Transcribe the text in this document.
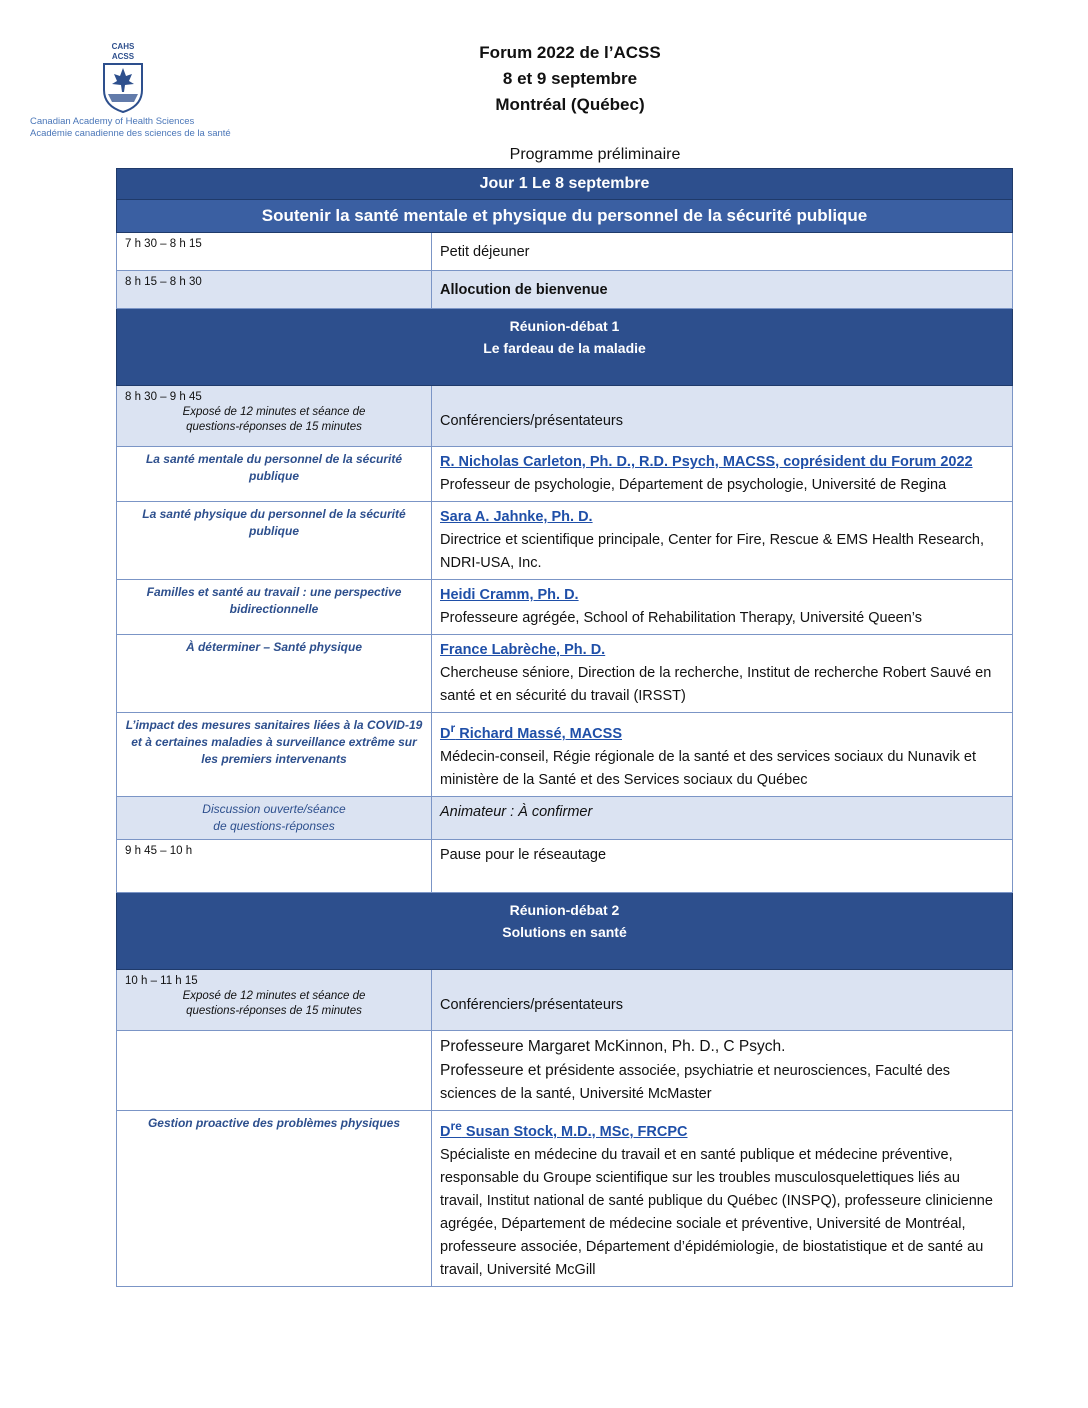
CAHS
ACSS
Canadian Academy of Health Sciences
Académie canadienne des sciences de la santé
Forum 2022 de l’ACSS
8 et 9 septembre
Montréal (Québec)
Programme préliminaire
Jour 1 Le 8 septembre	
Soutenir la santé mentale et physique du personnel de la sécurité publique	
7 h 30 – 8 h 15	Petit déjeuner
8 h 15 – 8 h 30	Allocution de bienvenue

Réunion-débat 1
Le fardeau de la maladie	

8 h 30 – 9 h 45
Exposé de 12 minutes et séance de
questions-réponses de 15 minutes	Conférenciers/présentateurs
La santé mentale du personnel de la sécurité publique	R. Nicholas Carleton, Ph. D., R.D. Psych, MACSS, coprésident du Forum 2022
Professeur de psychologie, Département de psychologie, Université de Regina

La santé physique du personnel de la sécurité publique	Sara A. Jahnke, Ph. D.
Directrice et scientifique principale, Center for Fire, Rescue & EMS Health Research, NDRI-USA, Inc.

Familles et santé au travail : une perspective bidirectionnelle	Heidi Cramm, Ph. D.
Professeure agrégée, School of Rehabilitation Therapy, Université Queen’s

À déterminer – Santé physique	France Labrèche, Ph. D.
Chercheuse séniore, Direction de la recherche, Institut de recherche Robert Sauvé en santé et en sécurité du travail (IRSST)

L’impact des mesures sanitaires liées à la COVID-19 et à certaines maladies à surveillance extrême sur les premiers intervenants	$D^r$ Richard Massé, MACSS
Médecin-conseil, Régie régionale de la santé et des services sociaux du Nunavik et ministère de la Santé et des Services sociaux du Québec

Discussion ouverte/séance
de questions-réponses	Animateur : À confirmer
9 h 45 – 10 h	Pause pour le réseautage

Réunion-débat 2
Solutions en santé	

10 h – 11 h 15
Exposé de 12 minutes et séance de
questions-réponses de 15 minutes	Conférenciers/présentateurs

	Professeure Margaret McKinnon, Ph. D., C Psych.
Professeure et présidente associée, psychiatrie et neurosciences, Faculté des sciences de la santé, Université McMaster

Gestion proactive des problèmes physiques	Dre Susan Stock, M.D., MSc, FRCPC
Spécialiste en médecine du travail et en santé publique et médecine préventive, responsable du Groupe scientifique sur les troubles musculosquelettiques liés au travail, Institut national de santé publique du Québec (INSPQ), professeure clinicienne agrégée, Département de médecine sociale et préventive, Université de Montréal, professeure associée, Département d’épidémiologie, de biostatistique et de santé au travail, Université McGill
